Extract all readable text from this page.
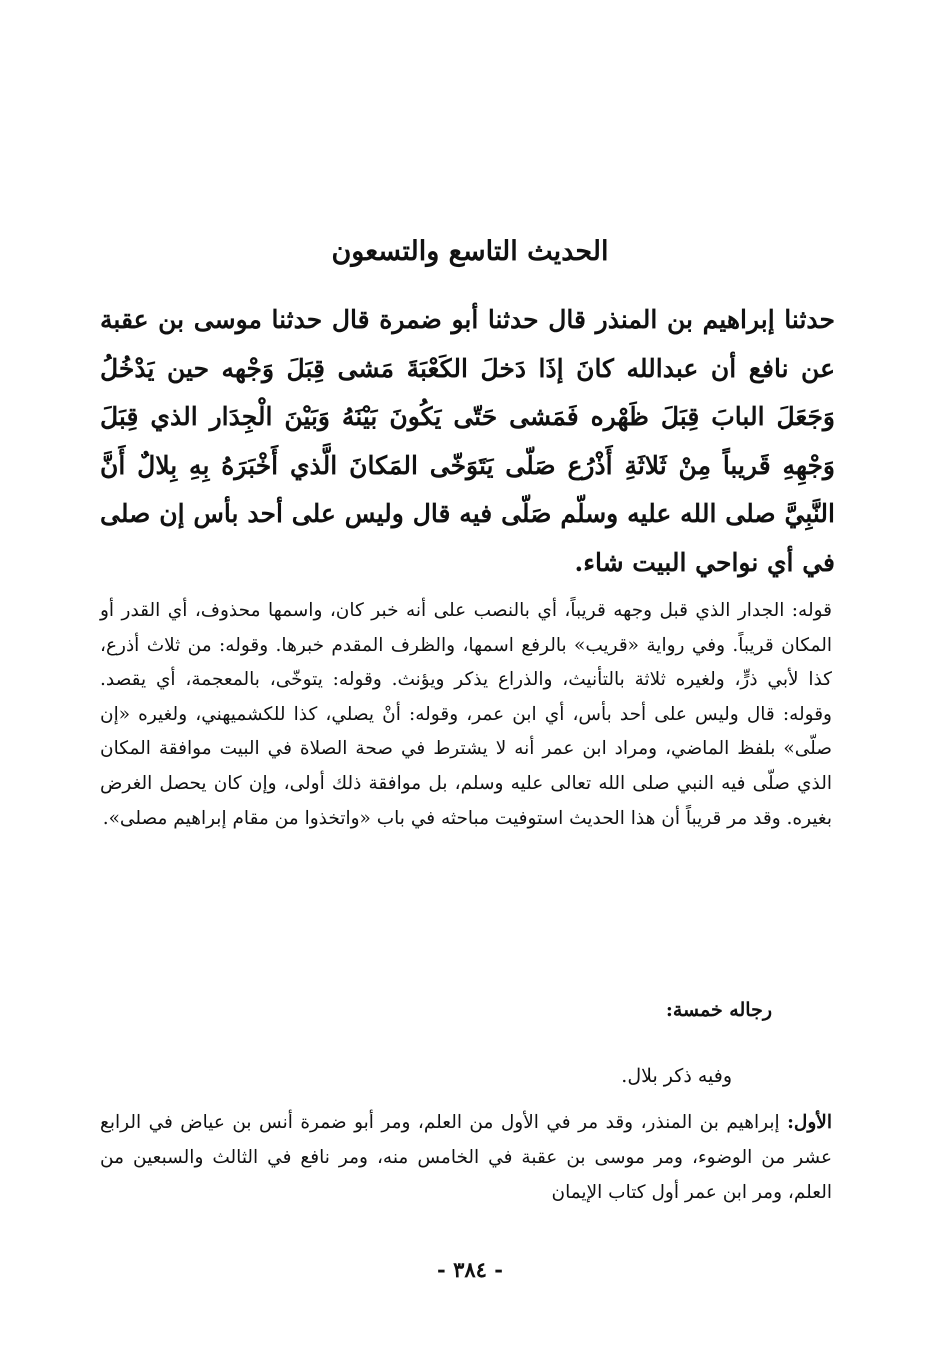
الحديث التاسع والتسعون
حدثنا إبراهيم بن المنذر قال حدثنا أبو ضمرة قال حدثنا موسى بن عقبة عن نافع أن عبدالله كانَ إذَا دَخلَ الكَعْبَةَ مَشى قِبَلَ وَجْهه حين يَدْخُلُ وَجَعَلَ البابَ قِبَلَ ظَهْره فَمَشى حَتّى يَكُونَ بَيْنَهُ وَبَيْنَ الْجِدَار الذي قِبَلَ وَجْهِهِ قَريباً مِنْ ثَلاثَةِ أَذْرُع صَلّى يَتَوَخّى المَكانَ الَّذي أَخْبَرَهُ بِهِ بِلالٌ أَنَّ النَّبِيَّ صلى الله عليه وسلّم صَلّى فيه قال وليس على أحد بأس إن صلى في أي نواحي البيت شاء.
قوله: الجدار الذي قبل وجهه قريباً، أي بالنصب على أنه خبر كان، واسمها محذوف، أي القدر أو المكان قريباً. وفي رواية «قريب» بالرفع اسمها، والظرف المقدم خبرها. وقوله: من ثلاث أذرع، كذا لأبي ذرٍّ، ولغيره ثلاثة بالتأنيث، والذراع يذكر ويؤنث. وقوله: يتوخّى، بالمعجمة، أي يقصد. وقوله: قال وليس على أحد بأس، أي ابن عمر، وقوله: أنْ يصلي، كذا للكشميهني، ولغيره «إن صلّى» بلفظ الماضي، ومراد ابن عمر أنه لا يشترط في صحة الصلاة في البيت موافقة المكان الذي صلّى فيه النبي صلى الله تعالى عليه وسلم، بل موافقة ذلك أولى، وإن كان يحصل الغرض بغيره. وقد مر قريباً أن هذا الحديث استوفيت مباحثه في باب «واتخذوا من مقام إبراهيم مصلى».
رجاله خمسة:
وفيه ذكر بلال.
الأول: إبراهيم بن المنذر، وقد مر في الأول من العلم، ومر أبو ضمرة أنس بن عياض في الرابع عشر من الوضوء، ومر موسى بن عقبة في الخامس منه، ومر نافع في الثالث والسبعين من العلم، ومر ابن عمر أول كتاب الإيمان
- ٣٨٤ -
